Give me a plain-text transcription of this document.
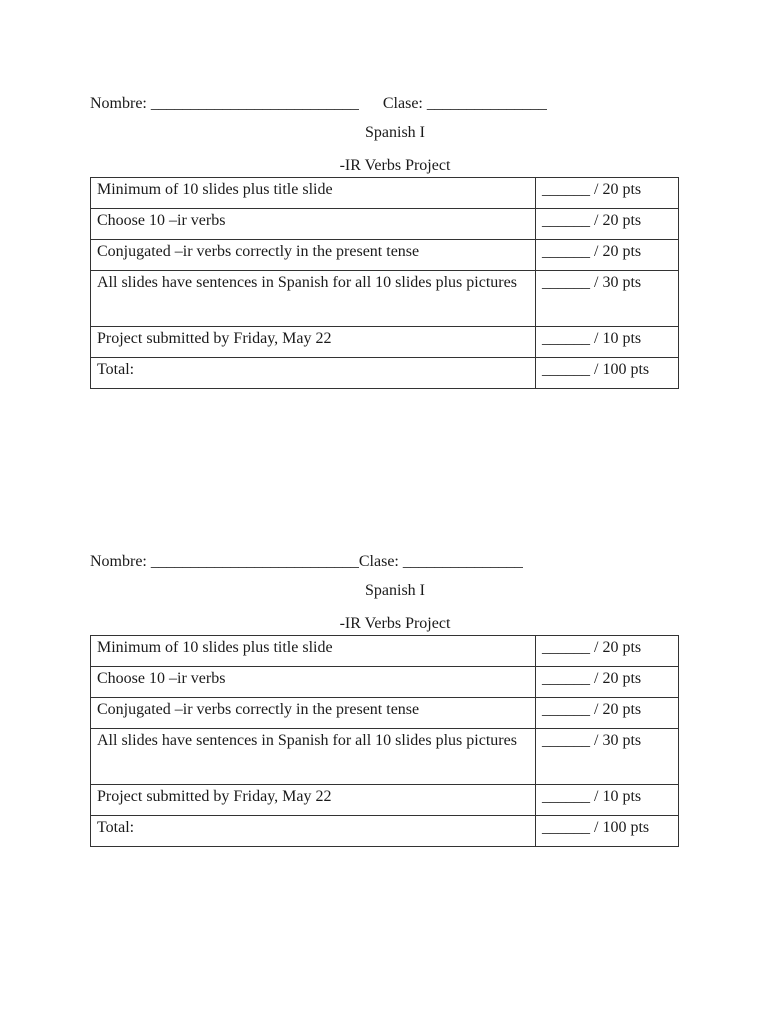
Nombre: __________________________      Clase: _______________
Spanish I
-IR Verbs Project
Minimum of 10 slides plus title slide	______ / 20 pts
Choose 10 –ir verbs	______ / 20 pts
Conjugated –ir verbs correctly in the present tense	______ / 20 pts
All slides have sentences in Spanish for all 10 slides plus pictures	______ / 30 pts
Project submitted by Friday, May 22	______ / 10 pts
Total:	______ / 100 pts
Nombre: __________________________Clase: _______________
Spanish I
-IR Verbs Project
Minimum of 10 slides plus title slide	______ / 20 pts
Choose 10 –ir verbs	______ / 20 pts
Conjugated –ir verbs correctly in the present tense	______ / 20 pts
All slides have sentences in Spanish for all 10 slides plus pictures	______ / 30 pts
Project submitted by Friday, May 22	______ / 10 pts
Total:	______ / 100 pts
